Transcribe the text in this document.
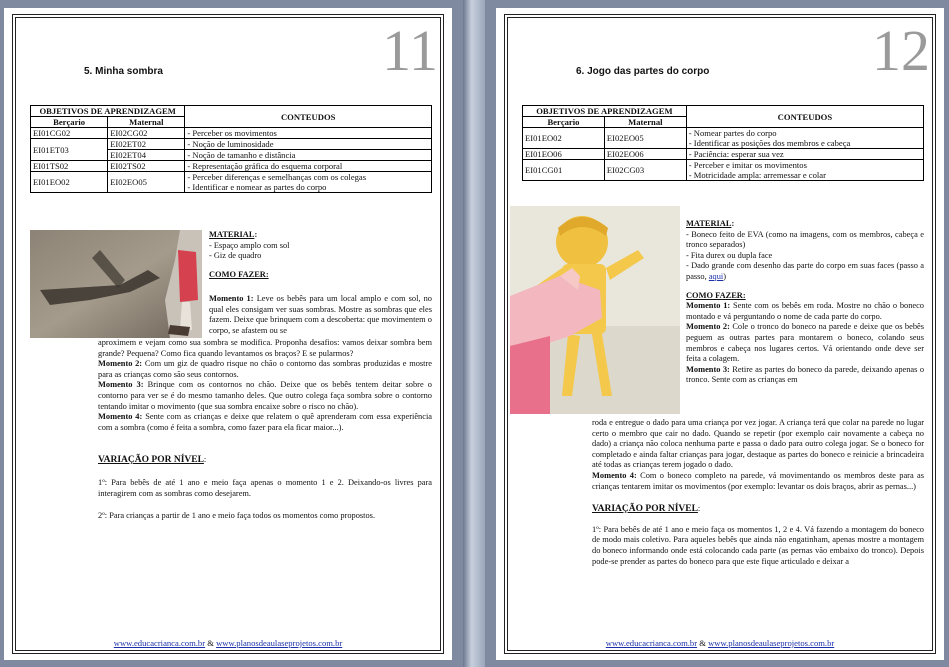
11
5. Minha sombra
OBJETIVOS DE APRENDIZAGEM		CONTEUDOS
Berçario	Maternal	
EI01CG02	EI02CG02	- Perceber os movimentos
EI01ET03	EI02ET02	- Noção de luminosidade
	EI02ET04	- Noção de tamanho e distância
EI01TS02	EI02TS02	- Representação gráfica do esquema corporal
EI01EO02	EI02EO05	- Perceber diferenças e semelhanças com os colegas
- Identificar e nomear as partes do corpo

MATERIAL:

- Espaço amplo com sol

- Giz de quadro

COMO FAZER:

Momento 1: Leve os bebês para um local amplo e com sol, no qual eles consigam ver suas sombras. Mostre as sombras que eles fazem. Deixe que brinquem com a descoberta: que movimentem o corpo, se afastem ou se

aproximem e vejam como sua sombra se modifica. Proponha desafios: vamos deixar sombra bem grande? Pequena? Como fica quando levantamos os braços? E se pularmos?

Momento 2: Com um giz de quadro risque no chão o contorno das sombras produzidas e mostre para as crianças como são seus contornos.

Momento 3: Brinque com os contornos no chão. Deixe que os bebês tentem deitar sobre o contorno para ver se é do mesmo tamanho deles. Que outro colega faça sombra sobre o contorno tentando imitar o movimento (que sua sombra encaixe sobre o risco no chão).

Momento 4: Sente com as crianças e deixe que relatem o quê aprenderam com essa experiência com a sombra (como é feita a sombra, como fazer para ela ficar maior...).

VARIAÇÃO POR NÍVEL:

1º: Para bebês de até 1 ano e meio faça apenas o momento 1 e 2. Deixando-os livres para interagirem com as sombras como desejarem.

2º: Para crianças a partir de 1 ano e meio faça todos os momentos como propostos.

www.educacrianca.com.br & www.planosdeaulaseprojetos.com.br
12
6. Jogo das partes do corpo
OBJETIVOS DE APRENDIZAGEM		CONTEUDOS
Berçario	Maternal	
EI01EO02	EI02EO05	- Nomear partes do corpo
- Identificar as posições dos membros e cabeça
EI01EO06	EI02EO06	- Paciência: esperar sua vez
EI01CG01	EI02CG03	- Perceber e imitar os movimentos
- Motricidade ampla: arremessar e colar

MATERIAL:

- Boneco feito de EVA (como na imagens, com os membros, cabeça e tronco separados)

- Fita durex ou dupla face

- Dado grande com desenho das parte do corpo em suas faces (passo a passo, aqui)

COMO FAZER:

Momento 1: Sente com os bebês em roda. Mostre no chão o boneco montado e vá perguntando o nome de cada parte do corpo.

Momento 2: Cole o tronco do boneco na parede e deixe que os bebês peguem as outras partes para montarem o boneco, colando seus membros e cabeça nos lugares certos. Vá orientando onde deve ser feita a colagem.

Momento 3: Retire as partes do boneco da parede, deixando apenas o tronco. Sente com as crianças em

roda e entregue o dado para uma criança por vez jogar. A criança terá que colar na parede no lugar certo o membro que cair no dado. Quando se repetir (por exemplo cair novamente a cabeça no dado) a criança não coloca nenhuma parte e passa o dado para outro colega jogar. Se o boneco for completado e ainda faltar crianças para jogar, destaque as partes do boneco e reinicie a brincadeira até todas as crianças terem jogado o dado.

Momento 4: Com o boneco completo na parede, vá movimentando os membros deste para as crianças tentarem imitar os movimentos (por exemplo: levantar os dois braços, abrir as pernas...)

VARIAÇÃO POR NÍVEL:

1º: Para bebês de até 1 ano e meio faça os momentos 1, 2 e 4. Vá fazendo a montagem do boneco de modo mais coletivo. Para aqueles bebês que ainda não engatinham, apenas mostre a montagem do boneco informando onde está colocando cada parte (as pernas vão embaixo do tronco). Depois pode-se prender as partes do boneco para que este fique articulado e deixar a

www.educacrianca.com.br & www.planosdeaulaseprojetos.com.br
